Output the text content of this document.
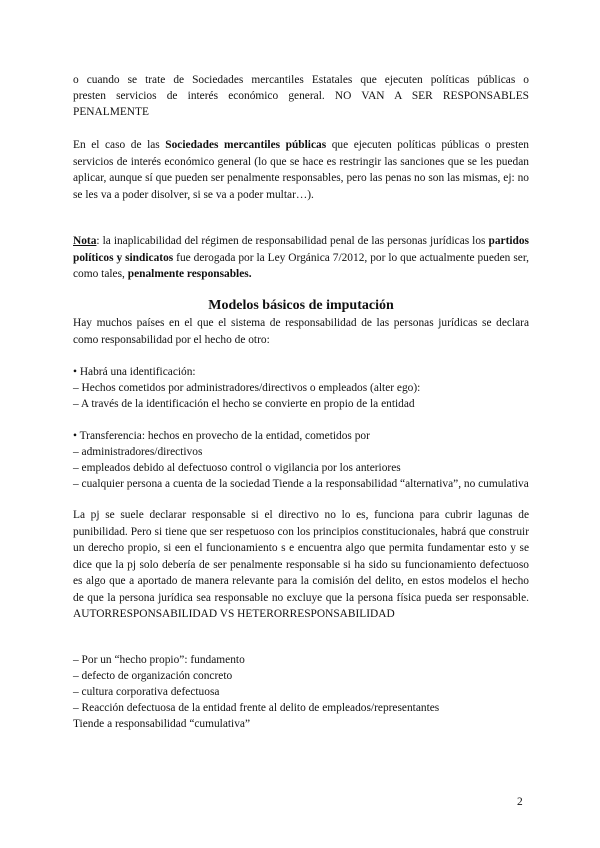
o cuando se trate de Sociedades mercantiles Estatales que ejecuten políticas públicas o
presten servicios de interés económico general. NO VAN A SER RESPONSABLES
PENALMENTE

En el caso de las Sociedades mercantiles públicas que ejecuten políticas públicas o presten servicios de interés económico general (lo que se hace es restringir las sanciones que se les puedan aplicar, aunque sí que pueden ser penalmente responsables, pero las penas no son las mismas, ej: no se les va a poder disolver, si se va a poder multar…).

Nota: la inaplicabilidad del régimen de responsabilidad penal de las personas jurídicas los partidos políticos y sindicatos fue derogada por la Ley Orgánica 7/2012, por lo que actualmente pueden ser, como tales, penalmente responsables.

Modelos básicos de imputación

Hay muchos países en el que el sistema de responsabilidad de las personas jurídicas se declara como responsabilidad por el hecho de otro:

• Habrá una identificación:
– Hechos cometidos por administradores/directivos o empleados (alter ego):
– A través de la identificación el hecho se convierte en propio de la entidad
• Transferencia: hechos en provecho de la entidad, cometidos por
– administradores/directivos
– empleados debido al defectuoso control o vigilancia por los anteriores

– cualquier persona a cuenta de la sociedad Tiende a la responsabilidad “alternativa”, no cumulativa

La pj se suele declarar responsable si el directivo no lo es, funciona para cubrir lagunas de punibilidad. Pero si tiene que ser respetuoso con los principios constitucionales, habrá que construir un derecho propio, si een el funcionamiento s e encuentra algo que permita fundamentar esto y se dice que la pj solo debería de ser penalmente responsable si ha sido su funcionamiento defectuoso es algo que a aportado de manera relevante para la comisión del delito, en estos modelos el hecho de que la persona jurídica sea responsable no excluye que la persona física pueda ser responsable. AUTORRESPONSABILIDAD VS HETERORRESPONSABILIDAD

– Por un “hecho propio”: fundamento
– defecto de organización concreto
– cultura corporativa defectuosa
– Reacción defectuosa de la entidad frente al delito de empleados/representantes
Tiende a responsabilidad “cumulativa”
2
